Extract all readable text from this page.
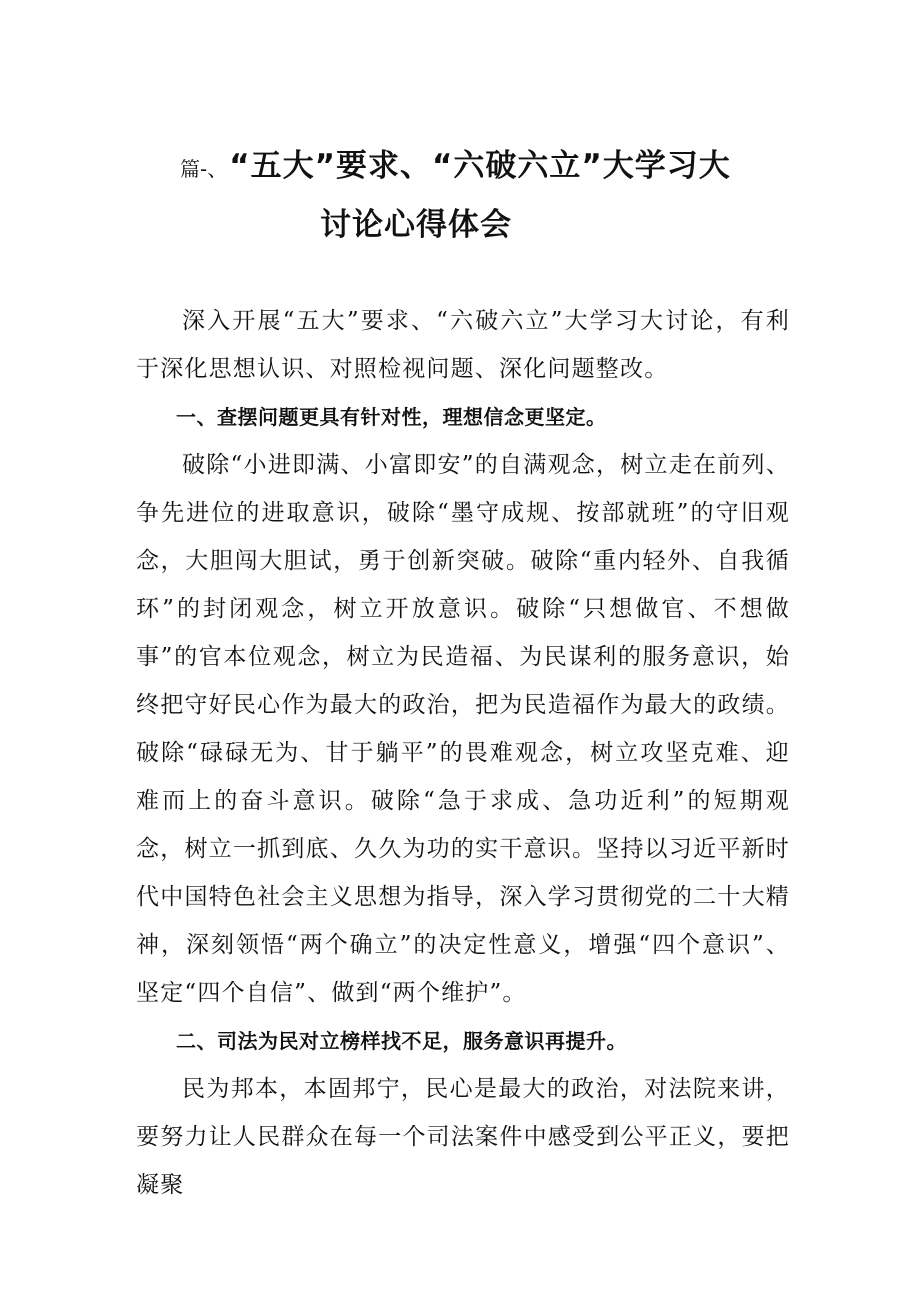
篇-、“五大”要求、“六破六立”大学习大
讨论心得体会

深入开展“五大”要求、“六破六立”大学习大讨论，有利于深化思想认识、对照检视问题、深化问题整改。

一、查摆问题更具有针对性，理想信念更坚定。

破除“小进即满、小富即安”的自满观念，树立走在前列、争先进位的进取意识，破除“墨守成规、按部就班”的守旧观念，大胆闯大胆试，勇于创新突破。破除“重内轻外、自我循环”的封闭观念，树立开放意识。破除“只想做官、不想做事”的官本位观念，树立为民造福、为民谋利的服务意识，始终把守好民心作为最大的政治，把为民造福作为最大的政绩。破除“碌碌无为、甘于躺平”的畏难观念，树立攻坚克难、迎难而上的奋斗意识。破除“急于求成、急功近利”的短期观念，树立一抓到底、久久为功的实干意识。坚持以习近平新时代中国特色社会主义思想为指导，深入学习贯彻党的二十大精神，深刻领悟“两个确立”的决定性意义，增强“四个意识”、坚定“四个自信”、做到“两个维护”。

二、司法为民对立榜样找不足，服务意识再提升。

民为邦本，本固邦宁，民心是最大的政治，对法院来讲，要努力让人民群众在每一个司法案件中感受到公平正义，要把凝聚
